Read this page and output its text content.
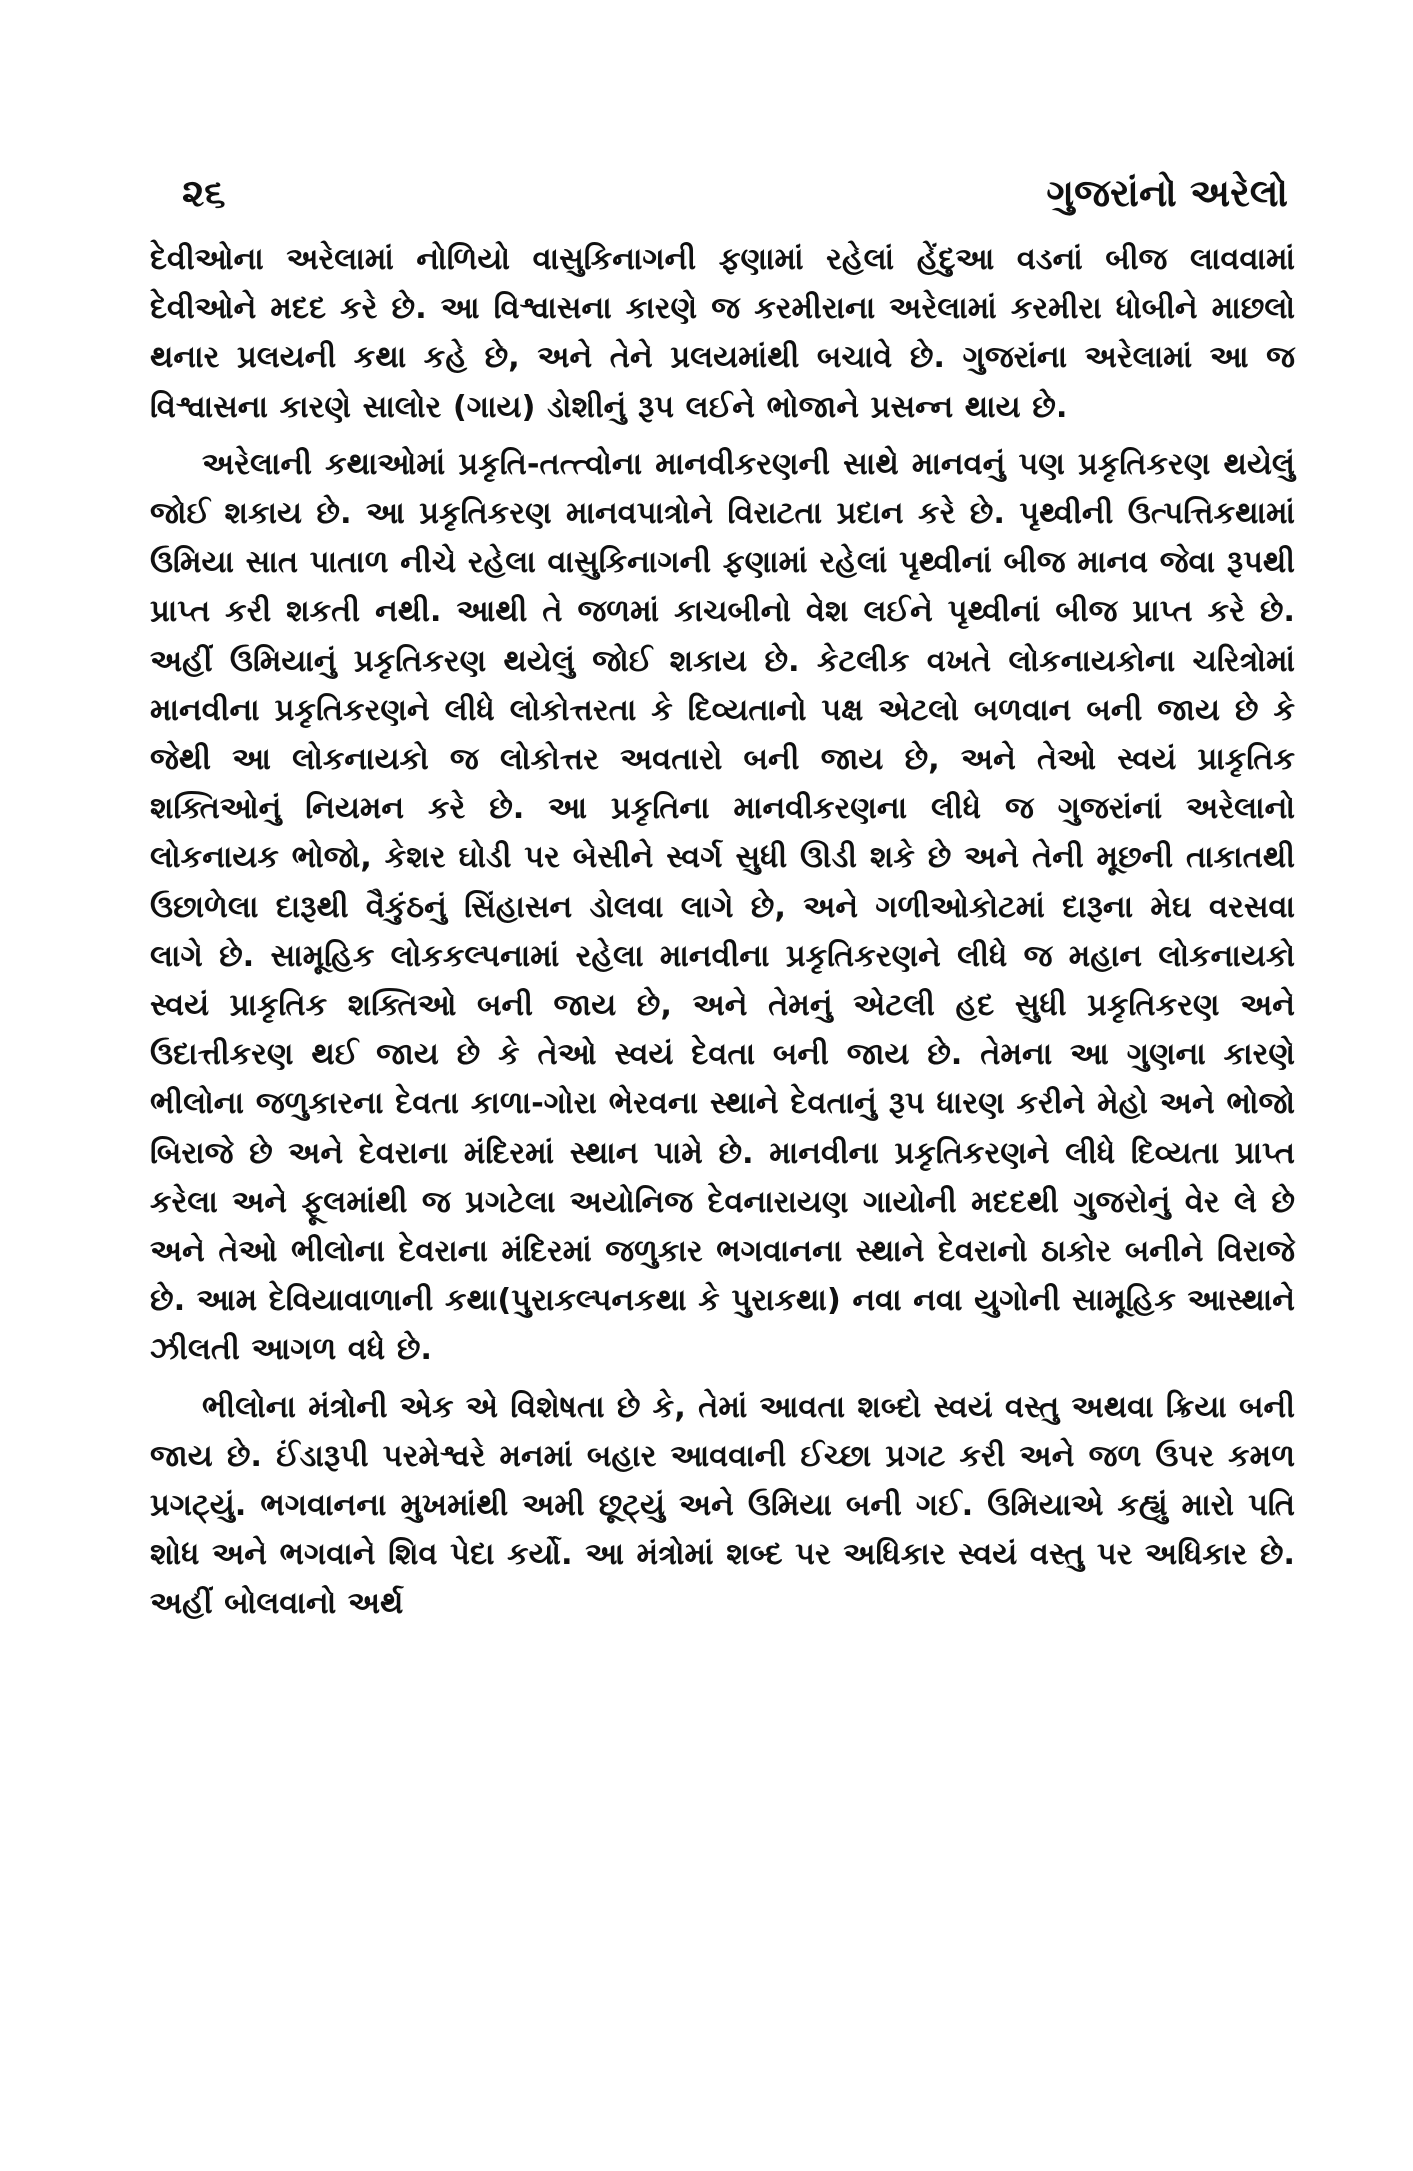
૨૬	ગુજરાંનો અરેલો

દેવીઓના અરેલામાં નોળિયો વાસુકિનાગની ફણામાં રહેલાં હેંદુઆ વડનાં બીજ લાવવામાં દેવીઓને મદદ કરે છે. આ વિશ્વાસના કારણે જ કરમીરાના અરેલામાં કરમીરા ધોબીને માછલો થનાર પ્રલયની કથા કહે છે, અને તેને પ્રલયમાંથી બચાવે છે. ગુજરાંના અરેલામાં આ જ વિશ્વાસના કારણે સાલોર (ગાય) ડોશીનું રૂપ લઈને ભોજાને પ્રસન્ન થાય છે.

અરેલાની કથાઓમાં પ્રકૃતિ-તત્ત્વોના માનવીકરણની સાથે માનવનું પણ પ્રકૃતિકરણ થયેલું જોઈ શકાય છે. આ પ્રકૃતિકરણ માનવપાત્રોને વિરાટતા પ્રદાન કરે છે. પૃથ્વીની ઉત્પત્તિકથામાં ઉમિયા સાત પાતાળ નીચે રહેલા વાસુકિનાગની ફણામાં રહેલાં પૃથ્વીનાં બીજ માનવ જેવા રૂપથી પ્રાપ્ત કરી શકતી નથી. આથી તે જળમાં કાચબીનો વેશ લઈને પૃથ્વીનાં બીજ પ્રાપ્ત કરે છે. અહીં ઉમિયાનું પ્રકૃતિકરણ થયેલું જોઈ શકાય છે. કેટલીક વખતે લોકનાયકોના ચરિત્રોમાં માનવીના પ્રકૃતિકરણને લીધે લોકોત્તરતા કે દિવ્યતાનો પક્ષ એટલો બળવાન બની જાય છે કે જેથી આ લોકનાયકો જ લોકોત્તર અવતારો બની જાય છે, અને તેઓ સ્વયં પ્રાકૃતિક શક્તિઓનું નિયમન કરે છે. આ પ્રકૃતિના માનવીકરણના લીધે જ ગુજરાંનાં અરેલાનો લોકનાયક ભોજો, કેશર ઘોડી પર બેસીને સ્વર્ગ સુધી ઊડી શકે છે અને તેની મૂછની તાકાતથી ઉછાળેલા દારૂથી વૈકુંઠનું સિંહાસન ડોલવા લાગે છે, અને ગળીઓકોટમાં દારૂના મેઘ વરસવા લાગે છે. સામૂહિક લોકકલ્પનામાં રહેલા માનવીના પ્રકૃતિકરણને લીધે જ મહાન લોકનાયકો સ્વયં પ્રાકૃતિક શક્તિઓ બની જાય છે, અને તેમનું એટલી હદ સુધી પ્રકૃતિકરણ અને ઉદાત્તીકરણ થઈ જાય છે કે તેઓ સ્વયં દેવતા બની જાય છે. તેમના આ ગુણના કારણે ભીલોના જળુકારના દેવતા કાળા-ગોરા ભેરવના સ્થાને દેવતાનું રૂપ ધારણ કરીને મેહો અને ભોજો બિરાજે છે અને દેવરાના મંદિરમાં સ્થાન પામે છે. માનવીના પ્રકૃતિકરણને લીધે દિવ્યતા પ્રાપ્ત કરેલા અને ફૂલમાંથી જ પ્રગટેલા અયોનિજ દેવનારાયણ ગાયોની મદદથી ગુજરોનું વેર લે છે અને તેઓ ભીલોના દેવરાના મંદિરમાં જળુકાર ભગવાનના સ્થાને દેવરાનો ઠાકોર બનીને વિરાજે છે. આમ દેવિયાવાળાની કથા(પુરાકલ્પનકથા કે પુરાકથા) નવા નવા યુગોની સામૂહિક આસ્થાને ઝીલતી આગળ વધે છે.

ભીલોના મંત્રોની એક એ વિશેષતા છે કે, તેમાં આવતા શબ્દો સ્વયં વસ્તુ અથવા ક્રિયા બની જાય છે. ઈંડારૂપી પરમેશ્વરે મનમાં બહાર આવવાની ઈચ્છા પ્રગટ કરી અને જળ ઉપર કમળ પ્રગટ્યું. ભગવાનના મુખમાંથી અમી છૂટ્યું અને ઉમિયા બની ગઈ. ઉમિયાએ કહ્યું મારો પતિ શોધ અને ભગવાને શિવ પેદા કર્યો. આ મંત્રોમાં શબ્દ પર અધિકાર સ્વયં વસ્તુ પર અધિકાર છે. અહીં બોલવાનો અર્થ
